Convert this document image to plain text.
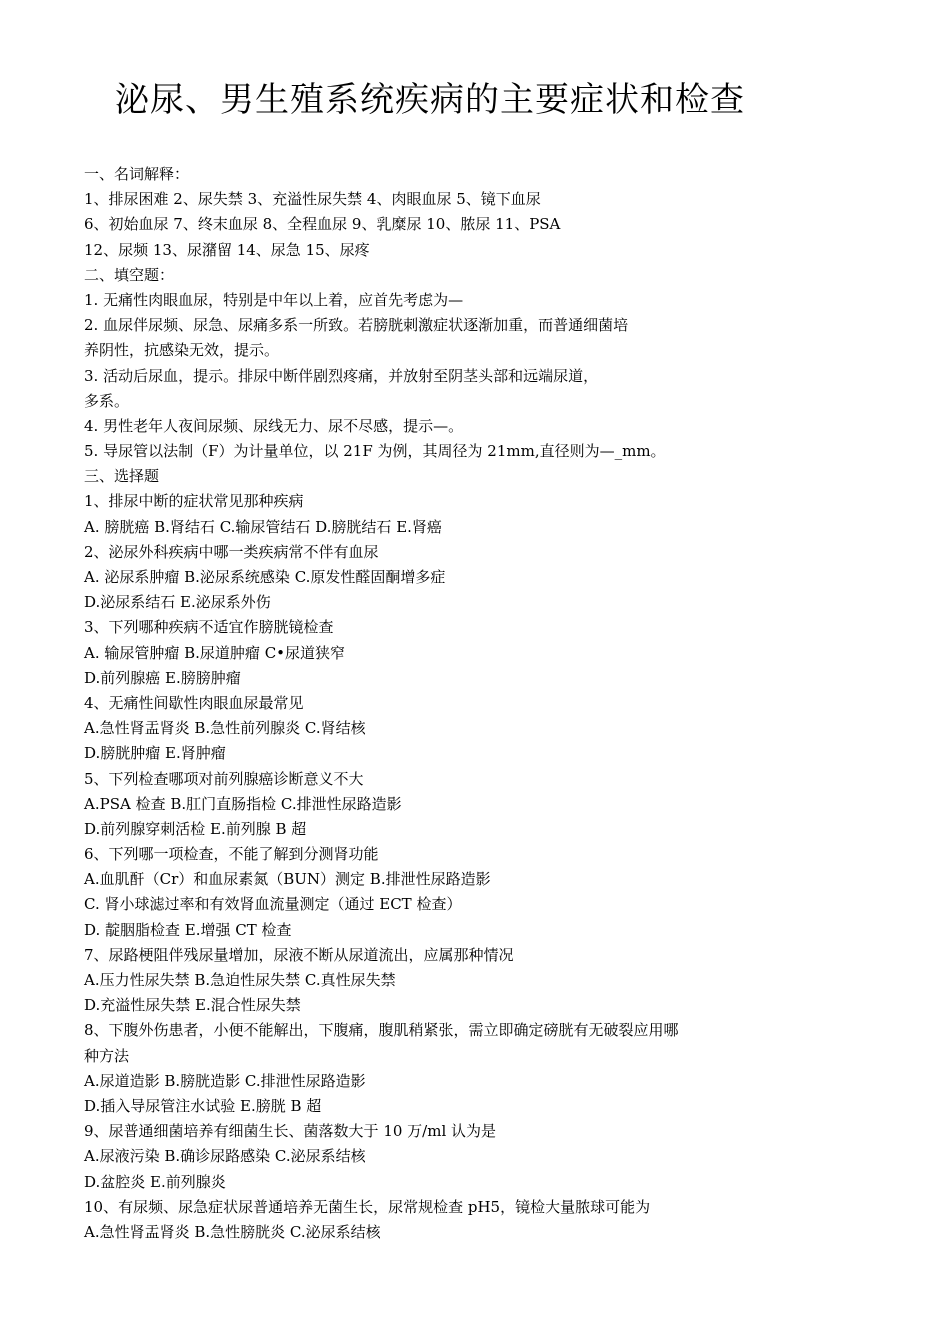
泌尿、男生殖系统疾病的主要症状和检查
一、名词解释：
1、排尿困难 2、尿失禁 3、充溢性尿失禁 4、肉眼血尿 5、镜下血尿
6、初始血尿 7、终末血尿 8、全程血尿 9、乳糜尿 10、脓尿 11、PSA
12、尿频 13、尿潴留 14、尿急 15、尿疼
二、填空题：
1. 无痛性肉眼血尿，特别是中年以上着，应首先考虑为—
2. 血尿伴尿频、尿急、尿痛多系一所致。若膀胱刺激症状逐渐加重，而普通细菌培
养阴性，抗感染无效，提示。
3. 活动后尿血，提示。排尿中断伴剧烈疼痛，并放射至阴茎头部和远端尿道，
多系。
4. 男性老年人夜间尿频、尿线无力、尿不尽感，提示—。
5. 导尿管以法制（F）为计量单位，以 21F 为例，其周径为 21mm,直径则为—_mm。
三、选择题
1、排尿中断的症状常见那种疾病
A. 膀胱癌 B.肾结石 C.输尿管结石 D.膀胱结石 E.肾癌
2、泌尿外科疾病中哪一类疾病常不伴有血尿
A. 泌尿系肿瘤 B.泌尿系统感染 C.原发性醛固酮增多症
D.泌尿系结石 E.泌尿系外伤
3、下列哪种疾病不适宜作膀胱镜检查
A. 输尿管肿瘤 B.尿道肿瘤 C•尿道狭窄
D.前列腺癌 E.膀膀肿瘤
4、无痛性间歇性肉眼血尿最常见
A.急性肾盂肾炎 B.急性前列腺炎 C.肾结核
D.膀胱肿瘤 E.肾肿瘤
5、下列检查哪项对前列腺癌诊断意义不大
A.PSA 检查 B.肛门直肠指检 C.排泄性尿路造影
D.前列腺穿刺活检 E.前列腺 B 超
6、下列哪一项检查，不能了解到分测肾功能
A.血肌酐（Cr）和血尿素氮（BUN）测定 B.排泄性尿路造影
C. 肾小球滤过率和有效肾血流量测定（通过 ECT 检查）
D. 靛胭脂检查 E.增强 CT 检查
7、尿路梗阻伴残尿量增加，尿液不断从尿道流出，应属那种情况
A.压力性尿失禁 B.急迫性尿失禁 C.真性尿失禁
D.充溢性尿失禁 E.混合性尿失禁
8、下腹外伤患者，小便不能解出，下腹痛，腹肌稍紧张，需立即确定磅胱有无破裂应用哪
种方法
A.尿道造影 B.膀胱造影 C.排泄性尿路造影
D.插入导尿管注水试验 E.膀胱 B 超
9、尿普通细菌培养有细菌生长、菌落数大于 10 万/ml 认为是
A.尿液污染 B.确诊尿路感染 C.泌尿系结核
D.盆腔炎 E.前列腺炎
10、有尿频、尿急症状尿普通培养无菌生长，尿常规检查 pH5，镜检大量脓球可能为
A.急性肾盂肾炎 B.急性膀胱炎 C.泌尿系结核
